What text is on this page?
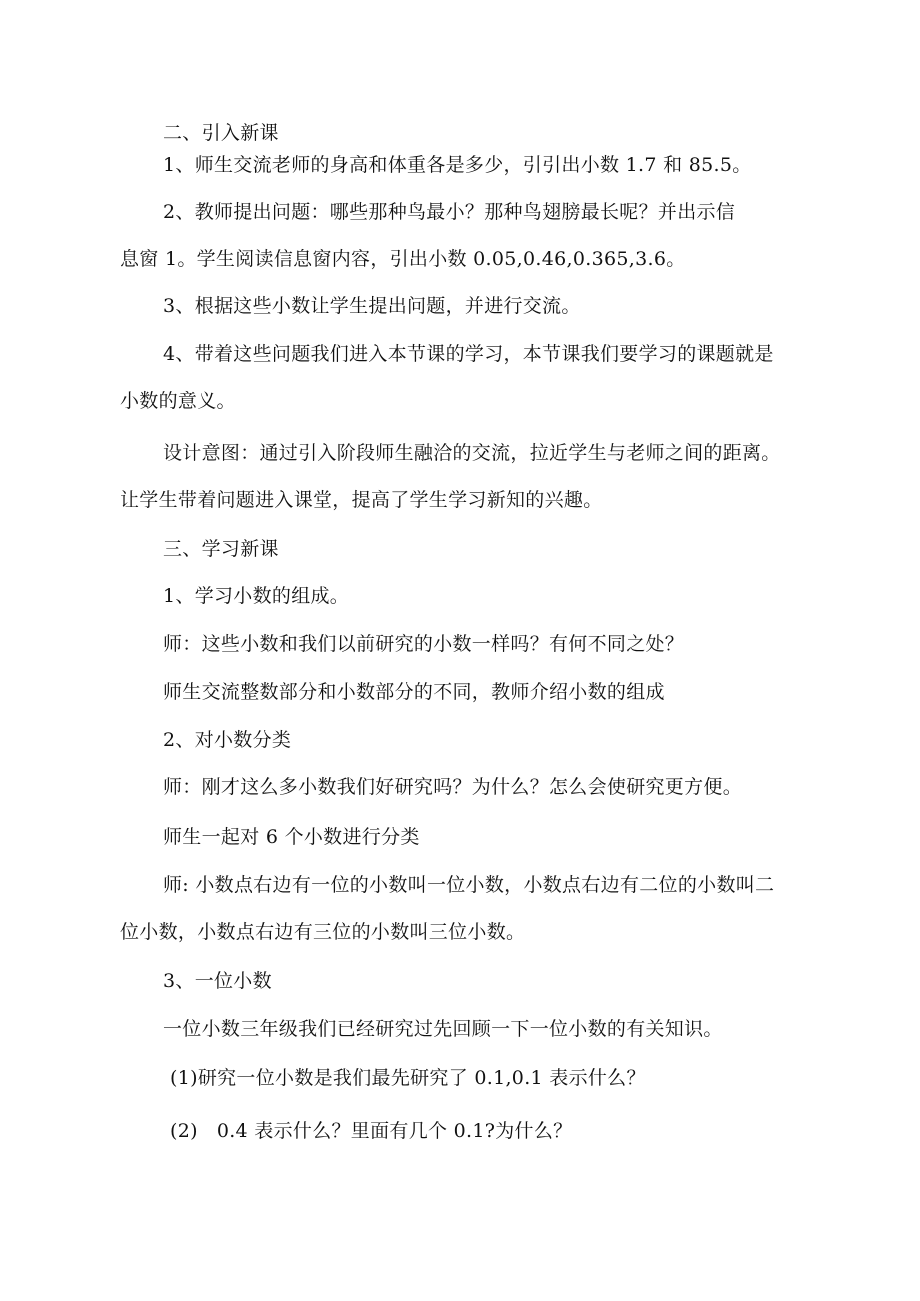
二、引入新课
1、师生交流老师的身高和体重各是多少，引引出小数 1.7 和 85.5。
2、教师提出问题：哪些那种鸟最小？那种鸟翅膀最长呢？并出示信
息窗 1。学生阅读信息窗内容，引出小数 0.05,0.46,0.365,3.6。
3、根据这些小数让学生提出问题，并进行交流。
4、带着这些问题我们进入本节课的学习，本节课我们要学习的课题就是
小数的意义。
设计意图：通过引入阶段师生融洽的交流，拉近学生与老师之间的距离。
让学生带着问题进入课堂，提高了学生学习新知的兴趣。
三、学习新课
1、学习小数的组成。
师：这些小数和我们以前研究的小数一样吗？有何不同之处？
师生交流整数部分和小数部分的不同，教师介绍小数的组成
2、对小数分类
师：刚才这么多小数我们好研究吗？为什么？怎么会使研究更方便。
师生一起对 6 个小数进行分类
师: 小数点右边有一位的小数叫一位小数，小数点右边有二位的小数叫二
位小数，小数点右边有三位的小数叫三位小数。
3、一位小数
一位小数三年级我们已经研究过先回顾一下一位小数的有关知识。
(1)研究一位小数是我们最先研究了 0.1,0.1 表示什么？
(2)   0.4 表示什么？里面有几个 0.1?为什么？
